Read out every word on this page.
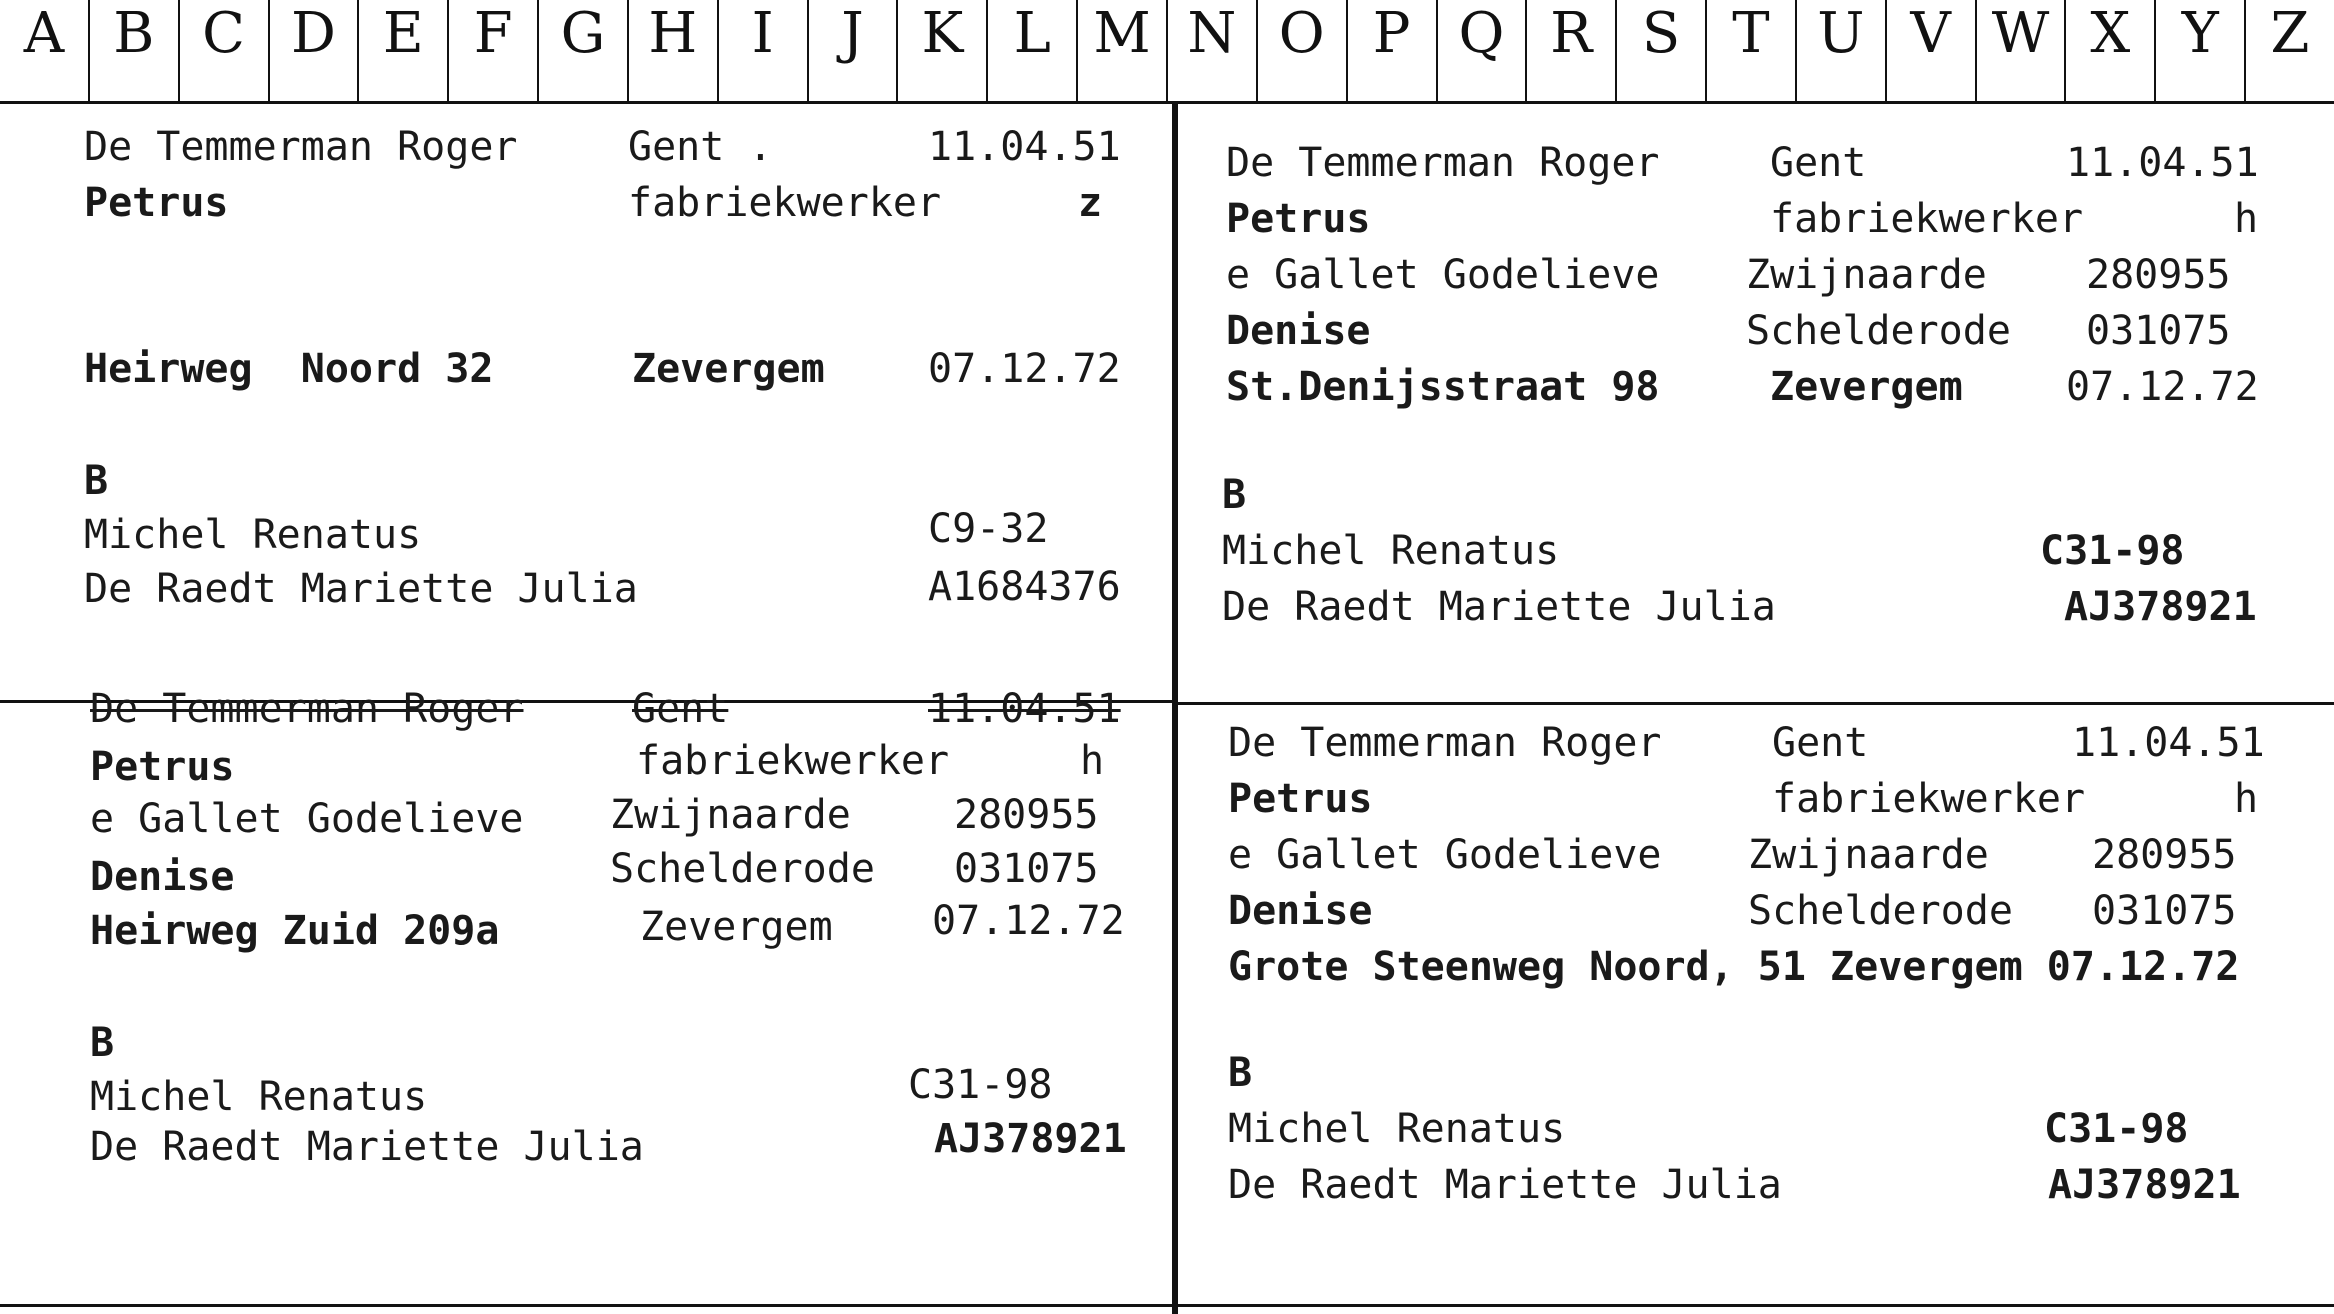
A B C D E F G H I	J	K L M N O P Q R S T U V W X Y Z
De Temmerman Roger	Gent .	11.04.51
Petrus	fabriekwerker	z
Heirweg  Noord 32	Zevergem	07.12.72
B
Michel Renatus	C9-32
De Raedt Mariette Julia	A1684376
De Temmerman Roger	Gent	11.04.51
Petrus	fabriekwerker	h
e Gallet Godelieve Zwijnaarde 280955
Denise	Schelderode 031075
St.Denijsstraat 98	Zevergem	07.12.72
B
Michel Renatus	C31-98
De Raedt Mariette Julia	AJ378921
De Temmerman Roger	Gent	11.04.51
Petrus	fabriekwerker	h
e Gallet Godelieve Zwijnaarde	280955
Denise	Schelderode 031075
Heirweg Zuid 209a	Zevergem 07.12.72
B
Michel Renatus	C31-98
De Raedt Mariette Julia	AJ378921
De Temmerman Roger	Gent	11.04.51
Petrus	fabriekwerker	h
e Gallet Godelieve Zwijnaarde	280955
Denise	Schelderode 031075
Grote Steenweg Noord, 51 Zevergem 07.12.72
B
Michel Renatus	C31-98
De Raedt Mariette Julia	AJ378921
